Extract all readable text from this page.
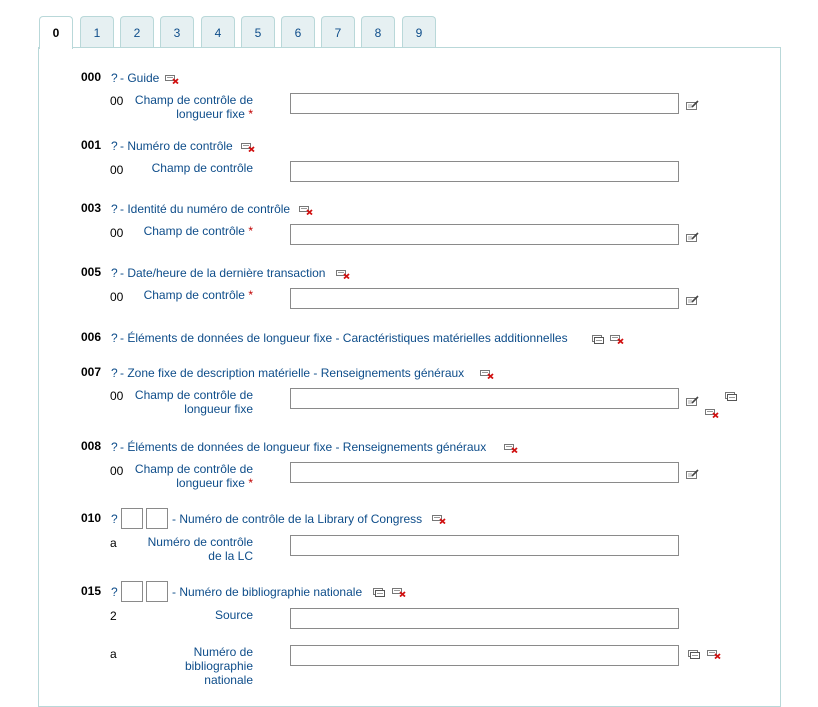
0	1	2	3	4	5	6	7	8	9
000 ? - Guide
00 Champ de contrôle de longueur fixe *
001 ? - Numéro de contrôle
00	Champ de contrôle
003 ? - Identité du numéro de contrôle
00	Champ de contrôle *
005 ? - Date/heure de la dernière transaction
00	Champ de contrôle *
006 ? - Éléments de données de longueur fixe - Caractéristiques matérielles additionnelles
007 ? - Zone fixe de description matérielle - Renseignements généraux
00 Champ de contrôle de longueur fixe
008 ? - Éléments de données de longueur fixe - Renseignements généraux
00 Champ de contrôle de longueur fixe *
010 ?	- Numéro de contrôle de la Library of Congress
a	Numéro de contrôle de la LC
015 ?	- Numéro de bibliographie nationale
2	Source
a	Numéro de bibliographie nationale
